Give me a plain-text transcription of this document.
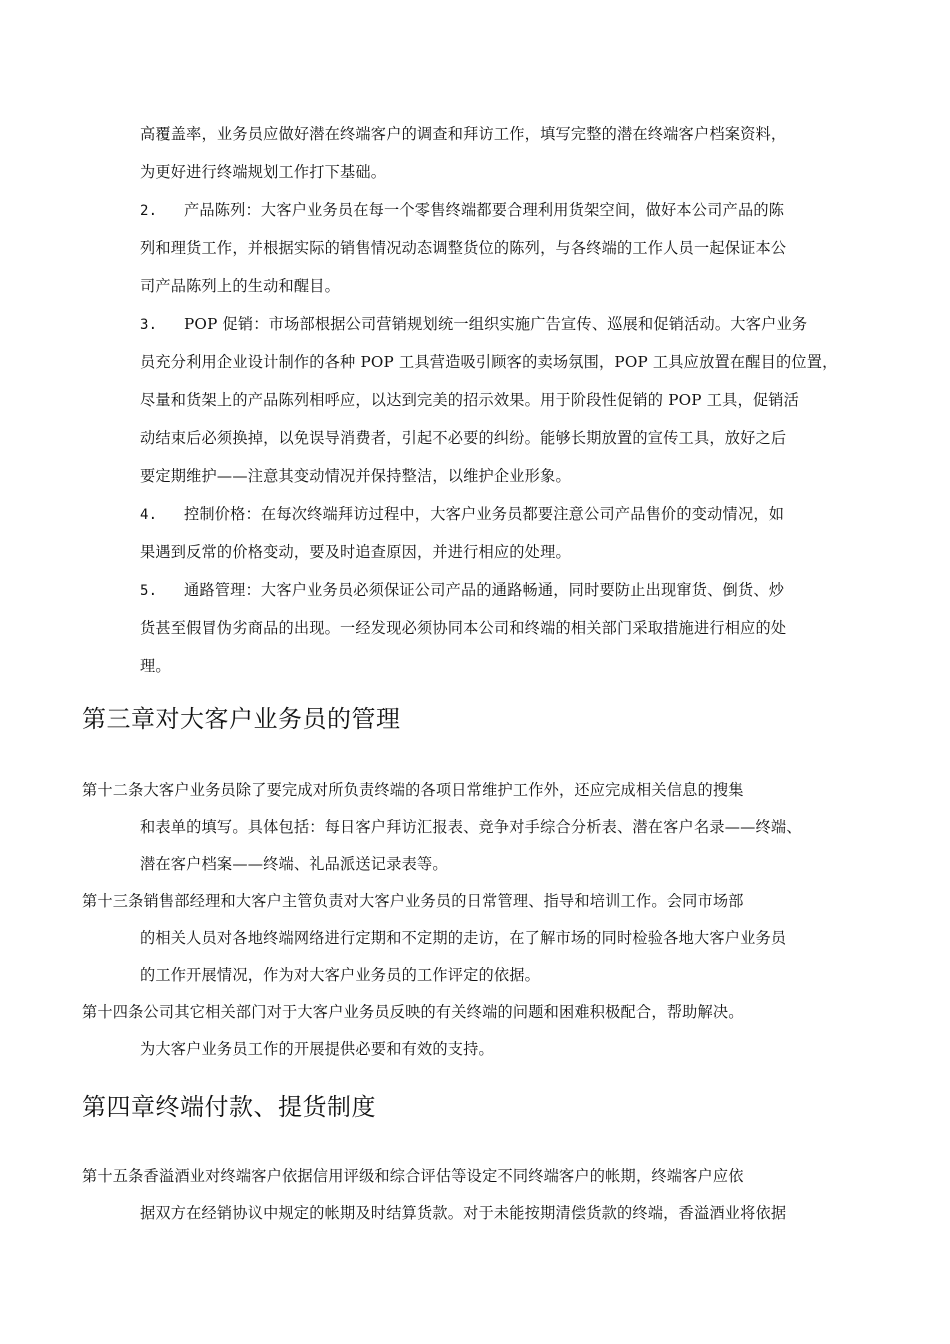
高覆盖率，业务员应做好潜在终端客户的调查和拜访工作，填写完整的潜在终端客户档案资料，
为更好进行终端规划工作打下基础。
2. 产品陈列：大客户业务员在每一个零售终端都要合理利用货架空间，做好本公司产品的陈
列和理货工作，并根据实际的销售情况动态调整货位的陈列，与各终端的工作人员一起保证本公
司产品陈列上的生动和醒目。
3. POP 促销：市场部根据公司营销规划统一组织实施广告宣传、巡展和促销活动。大客户业务
员充分利用企业设计制作的各种 POP 工具营造吸引顾客的卖场氛围，POP 工具应放置在醒目的位置，
尽量和货架上的产品陈列相呼应，以达到完美的招示效果。用于阶段性促销的 POP 工具，促销活
动结束后必须换掉，以免误导消费者，引起不必要的纠纷。能够长期放置的宣传工具，放好之后
要定期维护——注意其变动情况并保持整洁，以维护企业形象。
4. 控制价格：在每次终端拜访过程中，大客户业务员都要注意公司产品售价的变动情况，如
果遇到反常的价格变动，要及时追查原因，并进行相应的处理。
5. 通路管理：大客户业务员必须保证公司产品的通路畅通，同时要防止出现窜货、倒货、炒
货甚至假冒伪劣商品的出现。一经发现必须协同本公司和终端的相关部门采取措施进行相应的处
理。
第三章对大客户业务员的管理
第十二条大客户业务员除了要完成对所负责终端的各项日常维护工作外，还应完成相关信息的搜集
和表单的填写。具体包括：每日客户拜访汇报表、竞争对手综合分析表、潜在客户名录——终端、
潜在客户档案——终端、礼品派送记录表等。
第十三条销售部经理和大客户主管负责对大客户业务员的日常管理、指导和培训工作。会同市场部
的相关人员对各地终端网络进行定期和不定期的走访，在了解市场的同时检验各地大客户业务员
的工作开展情况，作为对大客户业务员的工作评定的依据。
第十四条公司其它相关部门对于大客户业务员反映的有关终端的问题和困难积极配合，帮助解决。
为大客户业务员工作的开展提供必要和有效的支持。
第四章终端付款、提货制度
第十五条香溢酒业对终端客户依据信用评级和综合评估等设定不同终端客户的帐期，终端客户应依
据双方在经销协议中规定的帐期及时结算货款。对于未能按期清偿货款的终端，香溢酒业将依据
